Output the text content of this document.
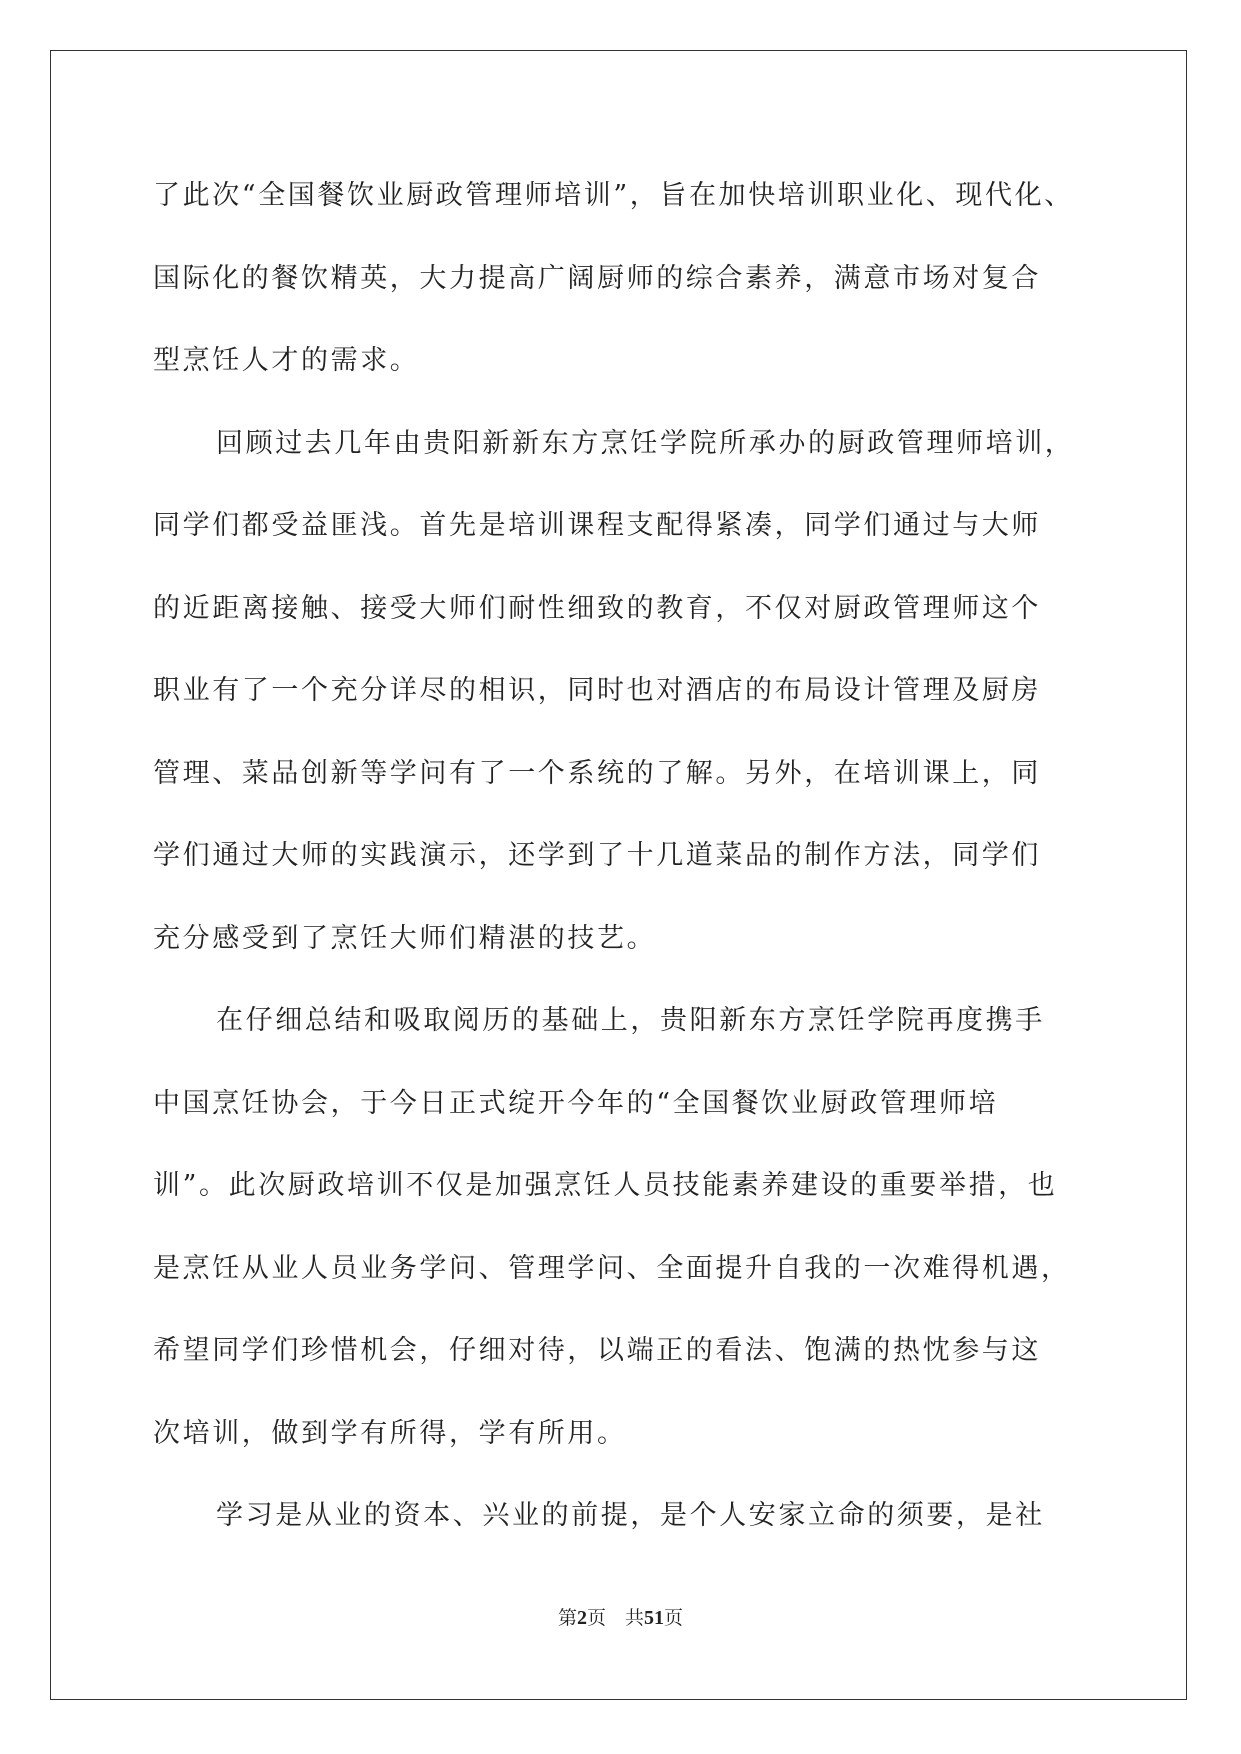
了此次“全国餐饮业厨政管理师培训”，旨在加快培训职业化、现代化、
国际化的餐饮精英，大力提高广阔厨师的综合素养，满意市场对复合
型烹饪人才的需求。
回顾过去几年由贵阳新新东方烹饪学院所承办的厨政管理师培训，
同学们都受益匪浅。首先是培训课程支配得紧凑，同学们通过与大师
的近距离接触、接受大师们耐性细致的教育，不仅对厨政管理师这个
职业有了一个充分详尽的相识，同时也对酒店的布局设计管理及厨房
管理、菜品创新等学问有了一个系统的了解。另外，在培训课上，同
学们通过大师的实践演示，还学到了十几道菜品的制作方法，同学们
充分感受到了烹饪大师们精湛的技艺。
在仔细总结和吸取阅历的基础上，贵阳新东方烹饪学院再度携手
中国烹饪协会，于今日正式绽开今年的“全国餐饮业厨政管理师培
训”。此次厨政培训不仅是加强烹饪人员技能素养建设的重要举措，也
是烹饪从业人员业务学问、管理学问、全面提升自我的一次难得机遇，
希望同学们珍惜机会，仔细对待，以端正的看法、饱满的热忱参与这
次培训，做到学有所得，学有所用。
学习是从业的资本、兴业的前提，是个人安家立命的须要，是社
第2页　共51页
